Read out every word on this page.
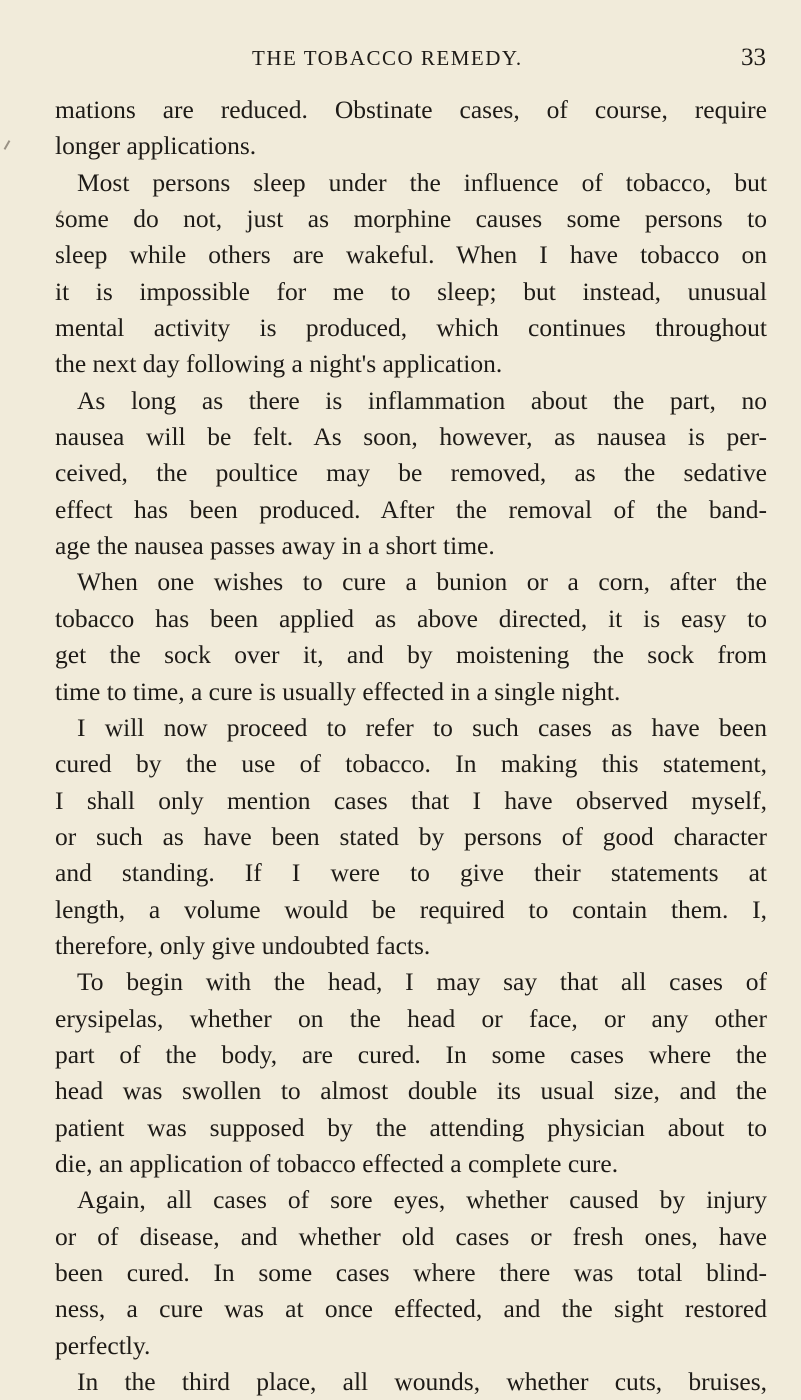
THE TOBACCO REMEDY.	33
mations are reduced. Obstinate cases, of course, require
longer applications.
Most persons sleep under the influence of tobacco, but
some do not, just as morphine causes some persons to
sleep while others are wakeful. When I have tobacco on
it is impossible for me to sleep; but instead, unusual
mental activity is produced, which continues throughout
the next day following a night's application.
As long as there is inflammation about the part, no
nausea will be felt. As soon, however, as nausea is per-
ceived, the poultice may be removed, as the sedative
effect has been produced. After the removal of the band-
age the nausea passes away in a short time.
When one wishes to cure a bunion or a corn, after the
tobacco has been applied as above directed, it is easy to
get the sock over it, and by moistening the sock from
time to time, a cure is usually effected in a single night.
I will now proceed to refer to such cases as have been
cured by the use of tobacco. In making this statement,
I shall only mention cases that I have observed myself,
or such as have been stated by persons of good character
and standing. If I were to give their statements at
length, a volume would be required to contain them. I,
therefore, only give undoubted facts.
To begin with the head, I may say that all cases of
erysipelas, whether on the head or face, or any other
part of the body, are cured. In some cases where the
head was swollen to almost double its usual size, and the
patient was supposed by the attending physician about to
die, an application of tobacco effected a complete cure.
Again, all cases of sore eyes, whether caused by injury
or of disease, and whether old cases or fresh ones, have
been cured. In some cases where there was total blind-
ness, a cure was at once effected, and the sight restored
perfectly.
In the third place, all wounds, whether cuts, bruises,
